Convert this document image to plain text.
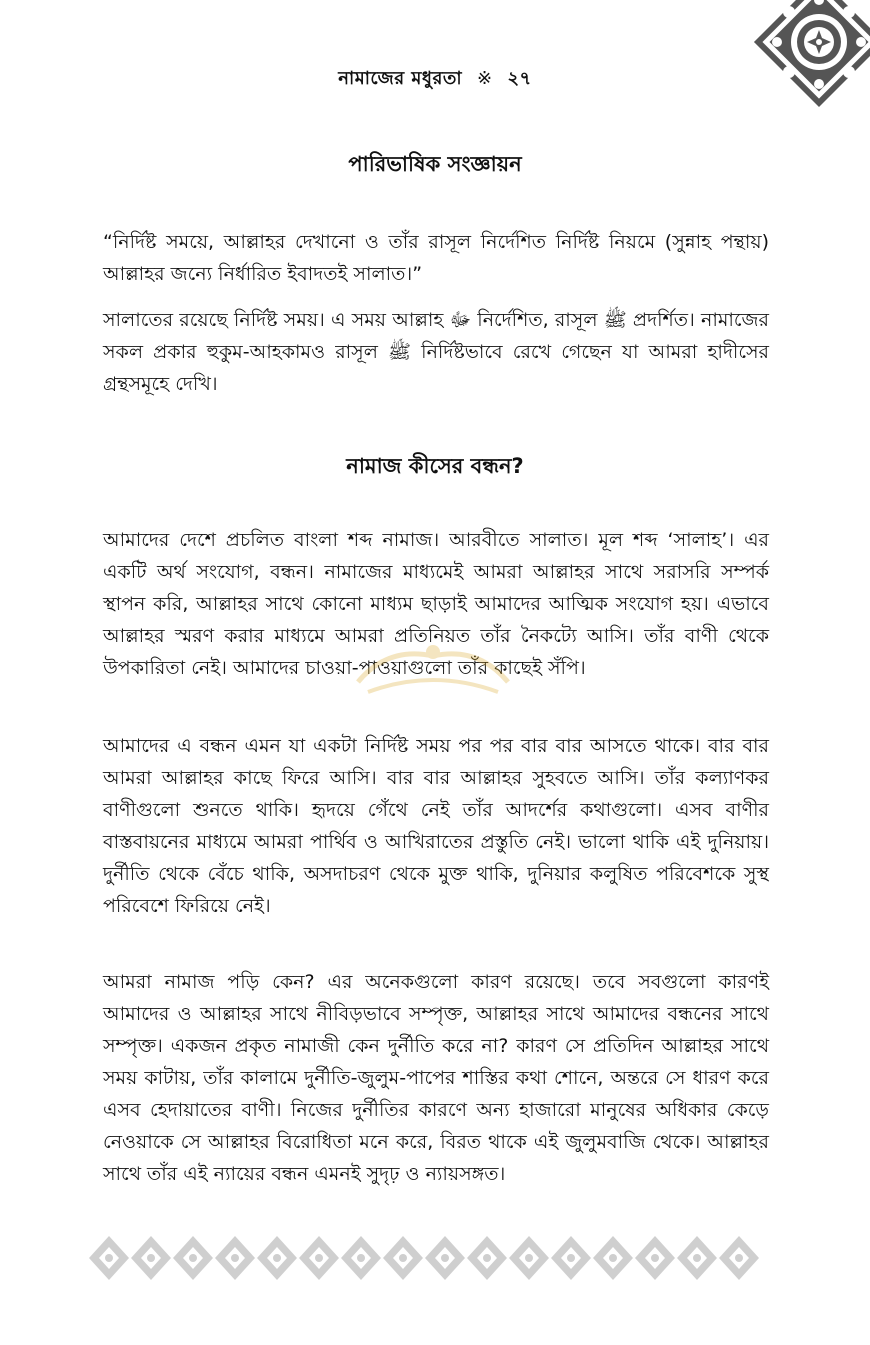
নামাজের মধুরতা ※ ২৭
পারিভাষিক সংজ্ঞায়ন

“নির্দিষ্ট সময়ে, আল্লাহর দেখানো ও তাঁর রাসূল নির্দেশিত নির্দিষ্ট নিয়মে (সুন্নাহ পন্থায়) আল্লাহর জন্যে নির্ধারিত ইবাদতই সালাত।”

সালাতের রয়েছে নির্দিষ্ট সময়। এ সময় আল্লাহ ﷻ নির্দেশিত, রাসূল ﷺ প্রদর্শিত। নামাজের সকল প্রকার হুকুম-আহকামও রাসূল ﷺ নির্দিষ্টভাবে রেখে গেছেন যা আমরা হাদীসের গ্রন্থসমূহে দেখি।

নামাজ কীসের বন্ধন?

আমাদের দেশে প্রচলিত বাংলা শব্দ নামাজ। আরবীতে সালাত। মূল শব্দ ‘সালাহ’। এর একটি অর্থ সংযোগ, বন্ধন। নামাজের মাধ্যমেই আমরা আল্লাহর সাথে সরাসরি সম্পর্ক স্থাপন করি, আল্লাহর সাথে কোনো মাধ্যম ছাড়াই আমাদের আত্মিক সংযোগ হয়। এভাবে আল্লাহর স্মরণ করার মাধ্যমে আমরা প্রতিনিয়ত তাঁর নৈকট্যে আসি। তাঁর বাণী থেকে উপকারিতা নেই। আমাদের চাওয়া-পাওয়াগুলো তাঁর কাছেই সঁপি।

আমাদের এ বন্ধন এমন যা একটা নির্দিষ্ট সময় পর পর বার বার আসতে থাকে। বার বার আমরা আল্লাহর কাছে ফিরে আসি। বার বার আল্লাহর সুহবতে আসি। তাঁর কল্যাণকর বাণীগুলো শুনতে থাকি। হৃদয়ে গেঁথে নেই তাঁর আদর্শের কথাগুলো। এসব বাণীর বাস্তবায়নের মাধ্যমে আমরা পার্থিব ও আখিরাতের প্রস্তুতি নেই। ভালো থাকি এই দুনিয়ায়। দুর্নীতি থেকে বেঁচে থাকি, অসদাচরণ থেকে মুক্ত থাকি, দুনিয়ার কলুষিত পরিবেশকে সুস্থ পরিবেশে ফিরিয়ে নেই।

আমরা নামাজ পড়ি কেন? এর অনেকগুলো কারণ রয়েছে। তবে সবগুলো কারণই আমাদের ও আল্লাহর সাথে নীবিড়ভাবে সম্পৃক্ত, আল্লাহর সাথে আমাদের বন্ধনের সাথে সম্পৃক্ত। একজন প্রকৃত নামাজী কেন দুর্নীতি করে না? কারণ সে প্রতিদিন আল্লাহর সাথে সময় কাটায়, তাঁর কালামে দুর্নীতি-জুলুম-পাপের শাস্তির কথা শোনে, অন্তরে সে ধারণ করে এসব হেদায়াতের বাণী। নিজের দুর্নীতির কারণে অন্য হাজারো মানুষের অধিকার কেড়ে নেওয়াকে সে আল্লাহর বিরোধিতা মনে করে, বিরত থাকে এই জুলুমবাজি থেকে। আল্লাহর সাথে তাঁর এই ন্যায়ের বন্ধন এমনই সুদৃঢ় ও ন্যায়সঙ্গত।
